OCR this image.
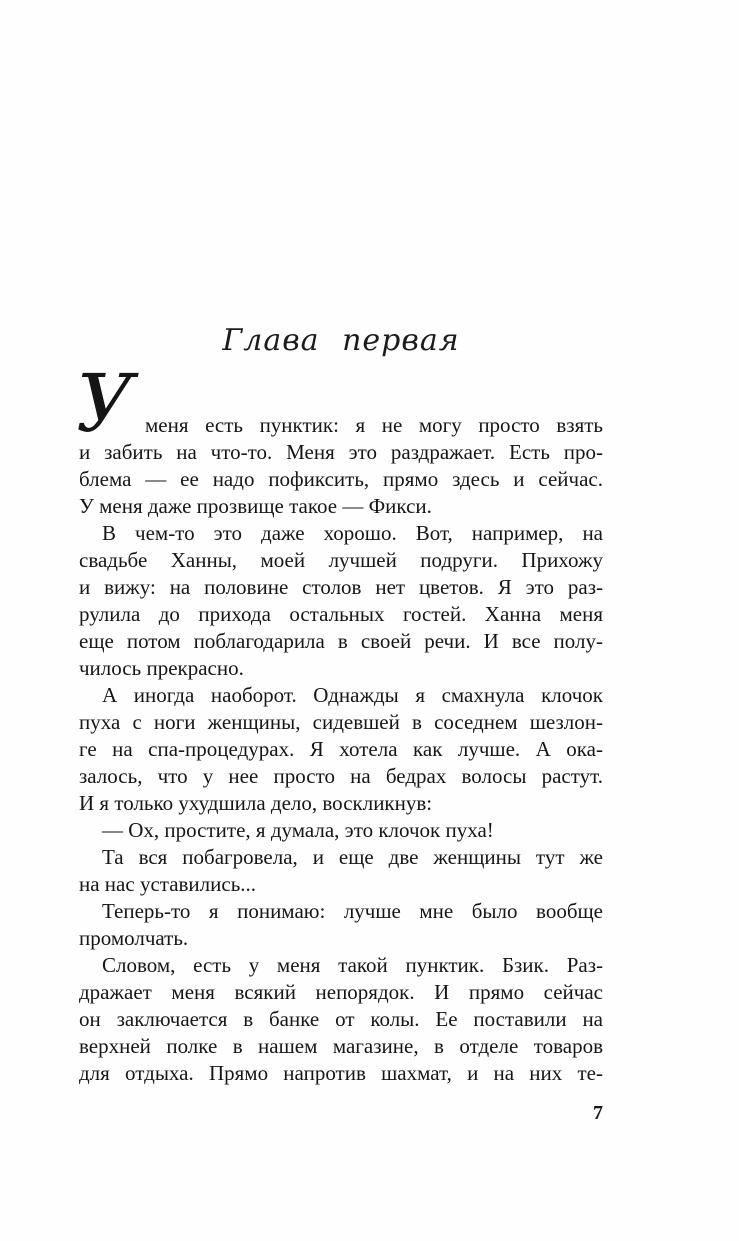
Глава первая
У меня есть пунктик: я не могу просто взять
и забить на что-то. Меня это раздражает. Есть про-
блема — ее надо пофиксить, прямо здесь и сейчас.
У меня даже прозвище такое — Фикси.
В чем-то это даже хорошо. Вот, например, на
свадьбе Ханны, моей лучшей подруги. Прихожу
и вижу: на половине столов нет цветов. Я это раз-
рулила до прихода остальных гостей. Ханна меня
еще потом поблагодарила в своей речи. И все полу-
чилось прекрасно.
А иногда наоборот. Однажды я смахнула клочок
пуха с ноги женщины, сидевшей в соседнем шезлон-
ге на спа-процедурах. Я хотела как лучше. А ока-
залось, что у нее просто на бедрах волосы растут.
И я только ухудшила дело, воскликнув:
— Ох, простите, я думала, это клочок пуха!
Та вся побагровела, и еще две женщины тут же
на нас уставились...
Теперь-то я понимаю: лучше мне было вообще
промолчать.
Словом, есть у меня такой пунктик. Бзик. Раз-
дражает меня всякий непорядок. И прямо сейчас
он заключается в банке от колы. Ее поставили на
верхней полке в нашем магазине, в отделе товаров
для отдыха. Прямо напротив шахмат, и на них те-
7
